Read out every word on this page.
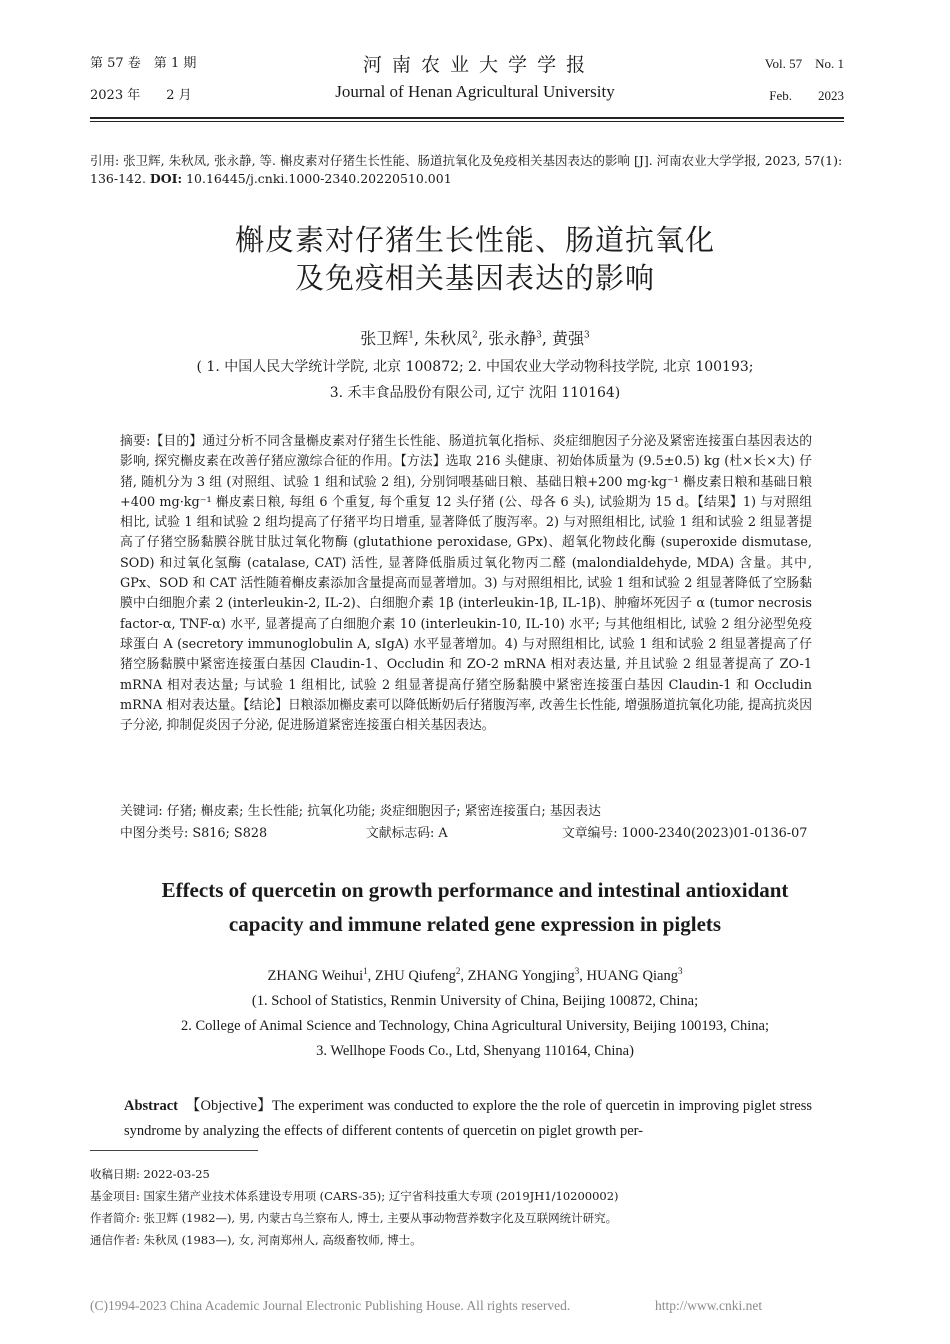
第 57 卷　第 1 期
2023 年　　2 月
河 南 农 业 大 学 学 报
Journal of Henan Agricultural University
Vol. 57　No. 1
Feb.　　2023
引用: 张卫辉, 朱秋凤, 张永静, 等. 槲皮素对仔猪生长性能、肠道抗氧化及免疫相关基因表达的影响 [J]. 河南农业大学学报, 2023, 57(1): 136-142. DOI: 10.16445/j.cnki.1000-2340.20220510.001
槲皮素对仔猪生长性能、肠道抗氧化
及免疫相关基因表达的影响
张卫辉$^1$, 朱秋凤$^2$, 张永静$^3$, 黄强$^3$
( 1. 中国人民大学统计学院, 北京 100872; 2. 中国农业大学动物科技学院, 北京 100193;
3. 禾丰食品股份有限公司, 辽宁 沈阳 110164)
摘要:【目的】通过分析不同含量槲皮素对仔猪生长性能、肠道抗氧化指标、炎症细胞因子分泌及紧密连接蛋白基因表达的影响, 探究槲皮素在改善仔猪应激综合征的作用。【方法】选取 216 头健康、初始体质量为 (9.5±0.5) kg (杜×长×大) 仔猪, 随机分为 3 组 (对照组、试验 1 组和试验 2 组), 分别饲喂基础日粮、基础日粮+200 mg·kg⁻¹ 槲皮素日粮和基础日粮+400 mg·kg⁻¹ 槲皮素日粮, 每组 6 个重复, 每个重复 12 头仔猪 (公、母各 6 头), 试验期为 15 d。【结果】1) 与对照组相比, 试验 1 组和试验 2 组均提高了仔猪平均日增重, 显著降低了腹泻率。2) 与对照组相比, 试验 1 组和试验 2 组显著提高了仔猪空肠黏膜谷胱甘肽过氧化物酶 (glutathione peroxidase, GPx)、超氧化物歧化酶 (superoxide dismutase, SOD) 和过氧化氢酶 (catalase, CAT) 活性, 显著降低脂质过氧化物丙二醛 (malondialdehyde, MDA) 含量。其中, GPx、SOD 和 CAT 活性随着槲皮素添加含量提高而显著增加。3) 与对照组相比, 试验 1 组和试验 2 组显著降低了空肠黏膜中白细胞介素 2 (interleukin-2, IL-2)、白细胞介素 1β (interleukin-1β, IL-1β)、肿瘤坏死因子 α (tumor necrosis factor-α, TNF-α) 水平, 显著提高了白细胞介素 10 (interleukin-10, IL-10) 水平; 与其他组相比, 试验 2 组分泌型免疫球蛋白 A (secretory immunoglobulin A, sIgA) 水平显著增加。4) 与对照组相比, 试验 1 组和试验 2 组显著提高了仔猪空肠黏膜中紧密连接蛋白基因 Claudin-1、Occludin 和 ZO-2 mRNA 相对表达量, 并且试验 2 组显著提高了 ZO-1 mRNA 相对表达量; 与试验 1 组相比, 试验 2 组显著提高仔猪空肠黏膜中紧密连接蛋白基因 Claudin-1 和 Occludin mRNA 相对表达量。【结论】日粮添加槲皮素可以降低断奶后仔猪腹泻率, 改善生长性能, 增强肠道抗氧化功能, 提高抗炎因子分泌, 抑制促炎因子分泌, 促进肠道紧密连接蛋白相关基因表达。
关键词: 仔猪; 槲皮素; 生长性能; 抗氧化功能; 炎症细胞因子; 紧密连接蛋白; 基因表达
中图分类号: S816; S828	文献标志码: A	文章编号: 1000-2340(2023)01-0136-07
Effects of quercetin on growth performance and intestinal antioxidant
capacity and immune related gene expression in piglets
ZHANG Weihui$^1$, ZHU Qiufeng$^2$, ZHANG Yongjing$^3$, HUANG Qiang$^3$
(1. School of Statistics, Renmin University of China, Beijing 100872, China;
2. College of Animal Science and Technology, China Agricultural University, Beijing 100193, China;
3. Wellhope Foods Co., Ltd, Shenyang 110164, China)
Abstract 【Objective】The experiment was conducted to explore the the role of quercetin in improving piglet stress syndrome by analyzing the effects of different contents of quercetin on piglet growth per-
收稿日期: 2022-03-25
基金项目: 国家生猪产业技术体系建设专用项 (CARS-35); 辽宁省科技重大专项 (2019JH1/10200002)
作者简介: 张卫辉 (1982—), 男, 内蒙古乌兰察布人, 博士, 主要从事动物营养数字化及互联网统计研究。
通信作者: 朱秋凤 (1983—), 女, 河南郑州人, 高级畜牧师, 博士。
(C)1994-2023 China Academic Journal Electronic Publishing House. All rights reserved.	http://www.cnki.net
